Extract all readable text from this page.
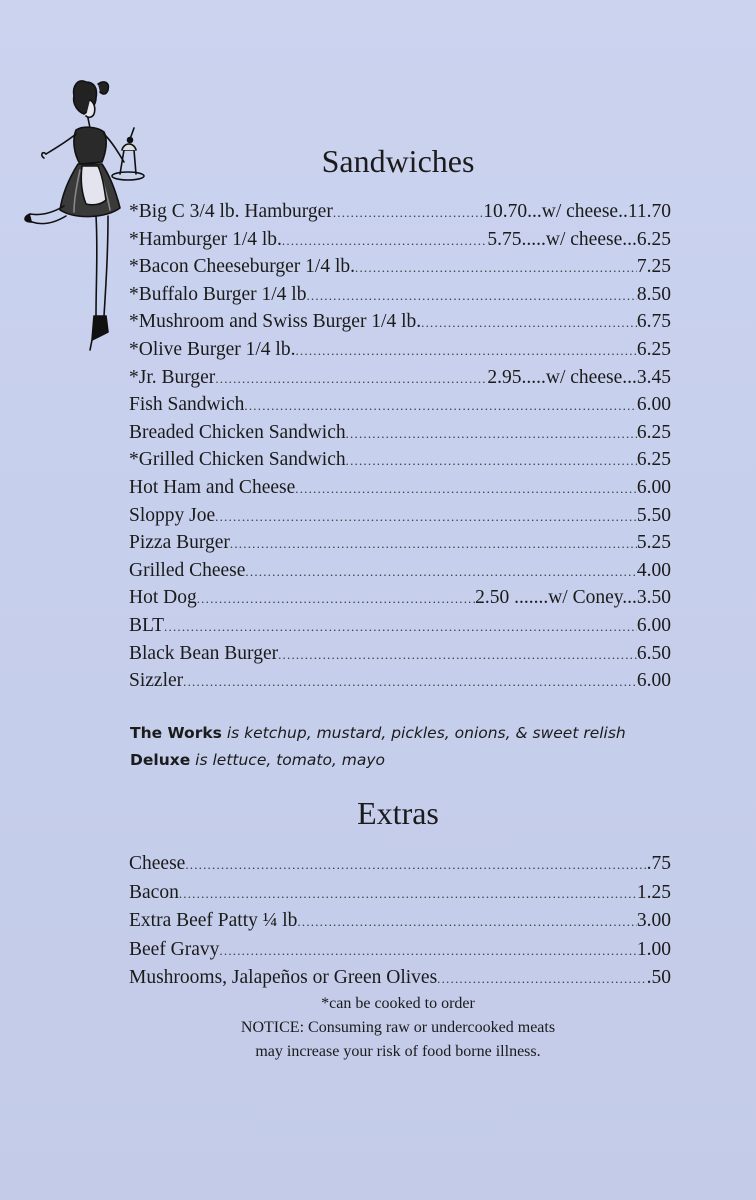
Sandwiches
*Big C 3/4 lb. Hamburger .....	10.70...w/ cheese.. 11.70
*Hamburger 1/4 lb. .....	5.75.....w/ cheese... 6.25
*Bacon Cheeseburger 1/4 lb. .....	7.25
*Buffalo Burger 1/4 lb .....	8.50
*Mushroom and Swiss Burger 1/4 lb. .....	6.75
*Olive Burger 1/4 lb. .....	6.25
*Jr. Burger .....	2.95.....w/ cheese... 3.45
Fish Sandwich .....	6.00
Breaded Chicken Sandwich .....	6.25
*Grilled Chicken Sandwich .....	6.25
Hot Ham and Cheese .....	6.00
Sloppy Joe .....	5.50
Pizza Burger .....	5.25
Grilled Cheese .....	4.00
Hot Dog .....	2.50 .......w/ Coney... 3.50
BLT .....	6.00
Black Bean Burger .....	6.50
Sizzler .....	6.00
The Works is ketchup, mustard, pickles, onions, & sweet relish
Deluxe is lettuce, tomato, mayo
Extras
Cheese .....	.75
Bacon .....	1.25
Extra Beef Patty ¼ lb .....	3.00
Beef Gravy .....	1.00
Mushrooms, Jalapeños or Green Olives .....	.50
*can be cooked to order
NOTICE: Consuming raw or undercooked meats
may increase your risk of food borne illness.
